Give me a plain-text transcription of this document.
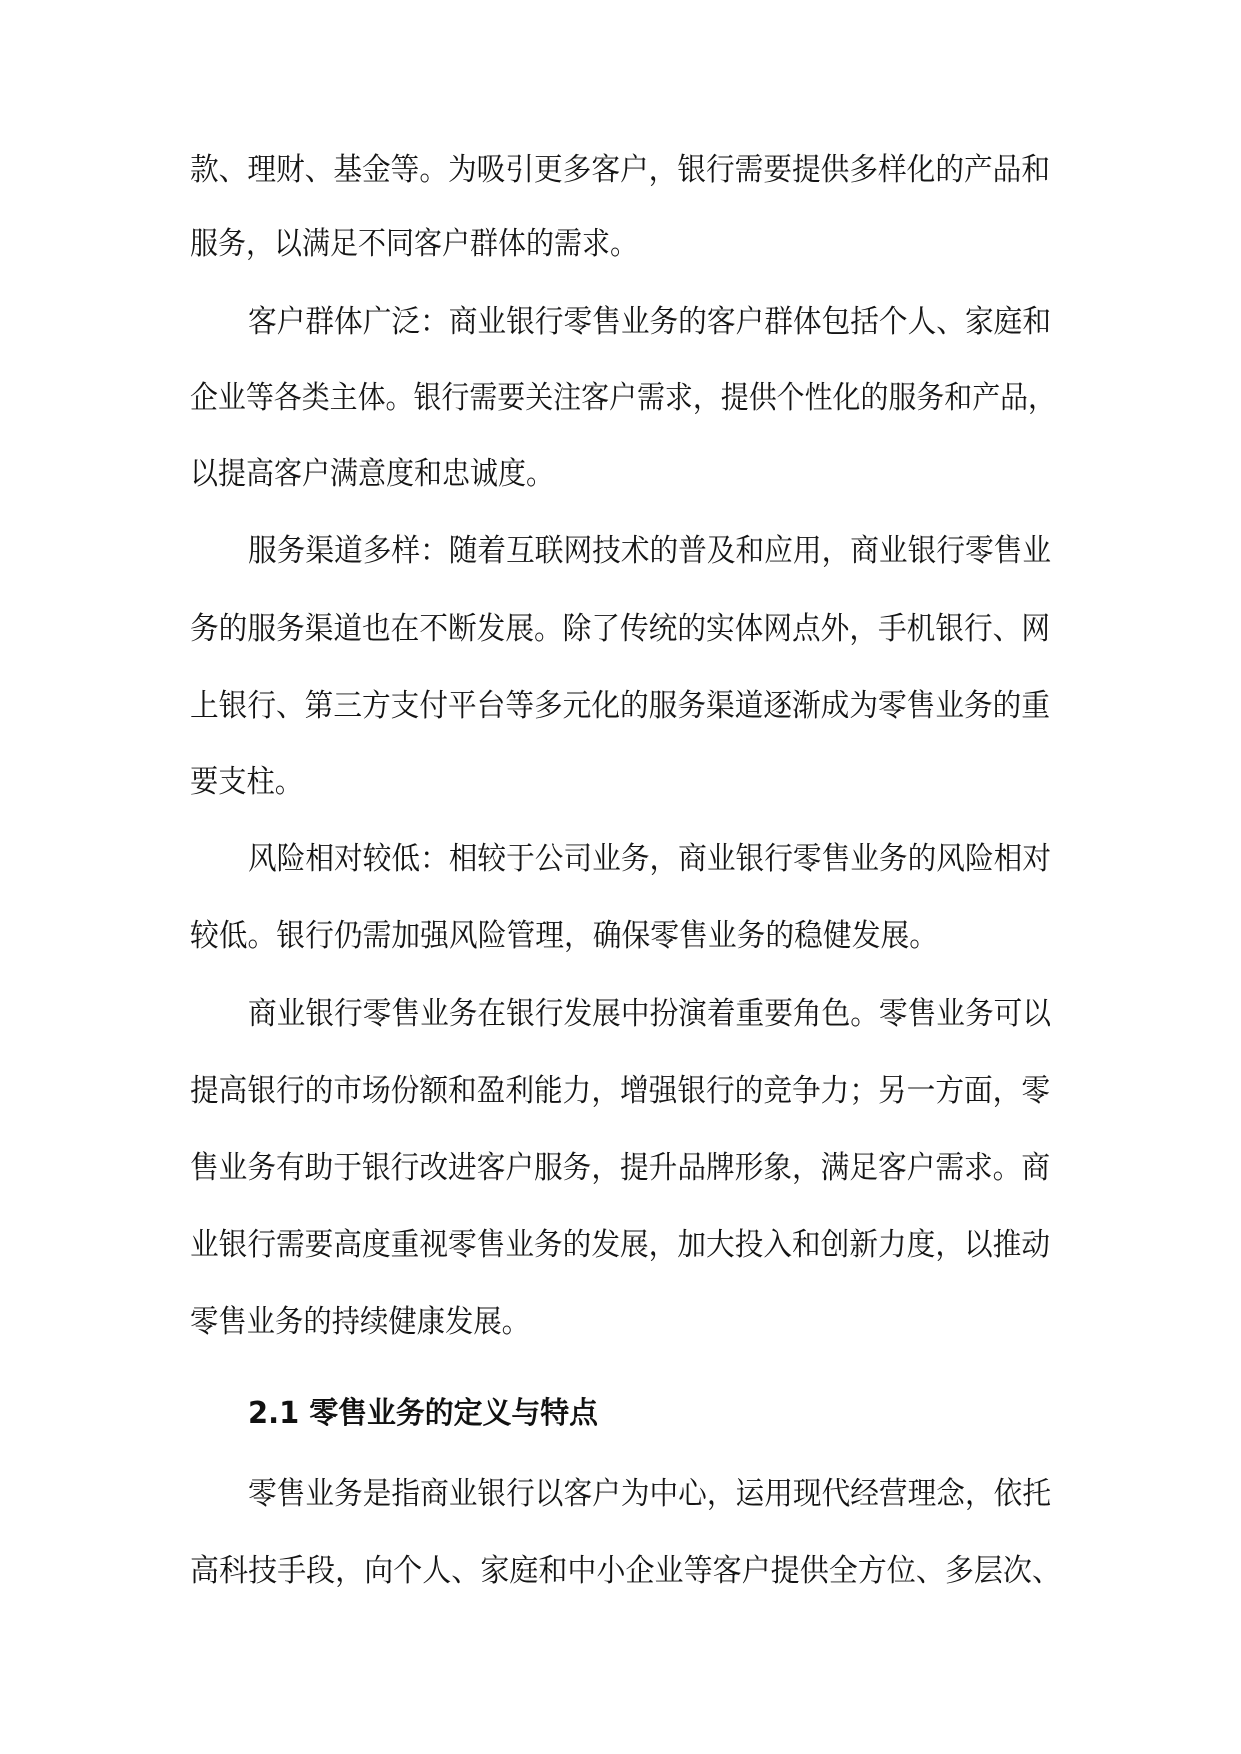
款、理财、基金等。为吸引更多客户，银行需要提供多样化的产品和

服务，以满足不同客户群体的需求。

客户群体广泛：商业银行零售业务的客户群体包括个人、家庭和

企业等各类主体。银行需要关注客户需求，提供个性化的服务和产品，

以提高客户满意度和忠诚度。

服务渠道多样：随着互联网技术的普及和应用，商业银行零售业

务的服务渠道也在不断发展。除了传统的实体网点外，手机银行、网

上银行、第三方支付平台等多元化的服务渠道逐渐成为零售业务的重

要支柱。

风险相对较低：相较于公司业务，商业银行零售业务的风险相对

较低。银行仍需加强风险管理，确保零售业务的稳健发展。

商业银行零售业务在银行发展中扮演着重要角色。零售业务可以

提高银行的市场份额和盈利能力，增强银行的竞争力；另一方面，零

售业务有助于银行改进客户服务，提升品牌形象，满足客户需求。商

业银行需要高度重视零售业务的发展，加大投入和创新力度，以推动

零售业务的持续健康发展。

2.1 零售业务的定义与特点

零售业务是指商业银行以客户为中心，运用现代经营理念，依托

高科技手段，向个人、家庭和中小企业等客户提供全方位、多层次、
